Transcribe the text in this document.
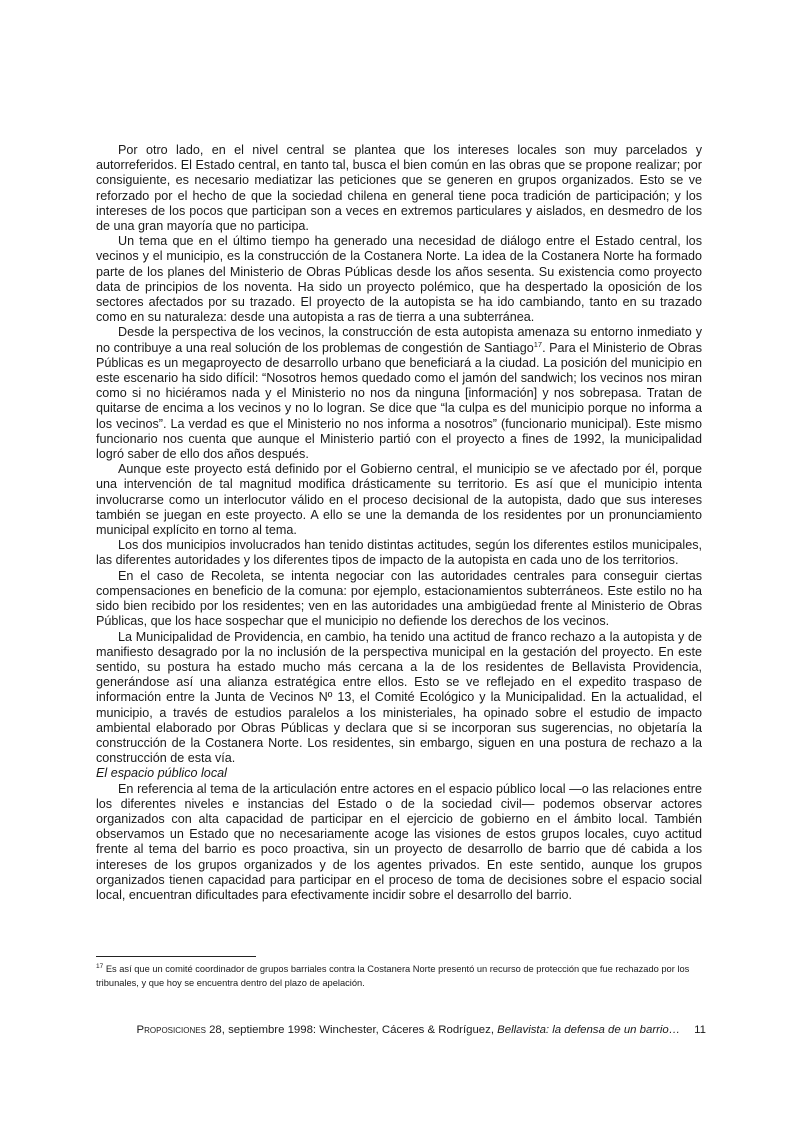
Por otro lado, en el nivel central se plantea que los intereses locales son muy parcelados y autorreferidos. El Estado central, en tanto tal, busca el bien común en las obras que se propone realizar; por consiguiente, es necesario mediatizar las peticiones que se generen en grupos organizados. Esto se ve reforzado por el hecho de que la sociedad chilena en general tiene poca tradición de participación; y los intereses de los pocos que participan son a veces en extremos particulares y aislados, en desmedro de los de una gran mayoría que no participa.

Un tema que en el último tiempo ha generado una necesidad de diálogo entre el Estado central, los vecinos y el municipio, es la construcción de la Costanera Norte. La idea de la Costanera Norte ha formado parte de los planes del Ministerio de Obras Públicas desde los años sesenta. Su existencia como proyecto data de principios de los noventa. Ha sido un proyecto polémico, que ha despertado la oposición de los sectores afectados por su trazado. El proyecto de la autopista se ha ido cambiando, tanto en su trazado como en su naturaleza: desde una autopista a ras de tierra a una subterránea.

Desde la perspectiva de los vecinos, la construcción de esta autopista amenaza su entorno inmediato y no contribuye a una real solución de los problemas de congestión de Santiago$^{17}$. Para el Ministerio de Obras Públicas es un megaproyecto de desarrollo urbano que beneficiará a la ciudad. La posición del municipio en este escenario ha sido difícil: “Nosotros hemos quedado como el jamón del sandwich; los vecinos nos miran como si no hiciéramos nada y el Ministerio no nos da ninguna [información] y nos sobrepasa. Tratan de quitarse de encima a los vecinos y no lo logran. Se dice que “la culpa es del municipio porque no informa a los vecinos”. La verdad es que el Ministerio no nos informa a nosotros” (funcionario municipal). Este mismo funcionario nos cuenta que aunque el Ministerio partió con el proyecto a fines de 1992, la municipalidad logró saber de ello dos años después.

Aunque este proyecto está definido por el Gobierno central, el municipio se ve afectado por él, porque una intervención de tal magnitud modifica drásticamente su territorio. Es así que el municipio intenta involucrarse como un interlocutor válido en el proceso decisional de la autopista, dado que sus intereses también se juegan en este proyecto. A ello se une la demanda de los residentes por un pronunciamiento municipal explícito en torno al tema.

Los dos municipios involucrados han tenido distintas actitudes, según los diferentes estilos municipales, las diferentes autoridades y los diferentes tipos de impacto de la autopista en cada uno de los territorios.

En el caso de Recoleta, se intenta negociar con las autoridades centrales para conseguir ciertas compensaciones en beneficio de la comuna: por ejemplo, estacionamientos subterráneos. Este estilo no ha sido bien recibido por los residentes; ven en las autoridades una ambigüedad frente al Ministerio de Obras Públicas, que los hace sospechar que el municipio no defiende los derechos de los vecinos.

La Municipalidad de Providencia, en cambio, ha tenido una actitud de franco rechazo a la autopista y de manifiesto desagrado por la no inclusión de la perspectiva municipal en la gestación del proyecto. En este sentido, su postura ha estado mucho más cercana a la de los residentes de Bellavista Providencia, generándose así una alianza estratégica entre ellos. Esto se ve reflejado en el expedito traspaso de información entre la Junta de Vecinos Nº 13, el Comité Ecológico y la Municipalidad. En la actualidad, el municipio, a través de estudios paralelos a los ministeriales, ha opinado sobre el estudio de impacto ambiental elaborado por Obras Públicas y declara que si se incorporan sus sugerencias, no objetaría la construcción de la Costanera Norte. Los residentes, sin embargo, siguen en una postura de rechazo a la construcción de esta vía.

El espacio público local

En referencia al tema de la articulación entre actores en el espacio público local —o las relaciones entre los diferentes niveles e instancias del Estado o de la sociedad civil— podemos observar actores organizados con alta capacidad de participar en el ejercicio de gobierno en el ámbito local. También observamos un Estado que no necesariamente acoge las visiones de estos grupos locales, cuyo actitud frente al tema del barrio es poco proactiva, sin un proyecto de desarrollo de barrio que dé cabida a los intereses de los grupos organizados y de los agentes privados. En este sentido, aunque los grupos organizados tienen capacidad para participar en el proceso de toma de decisiones sobre el espacio social local, encuentran dificultades para efectivamente incidir sobre el desarrollo del barrio.

$^{17}$ Es así que un comité coordinador de grupos barriales contra la Costanera Norte presentó un recurso de protección que fue rechazado por los tribunales, y que hoy se encuentra dentro del plazo de apelación.
Proposiciones 28, septiembre 1998: Winchester, Cáceres & Rodríguez, Bellavista: la defensa de un barrio… 11
